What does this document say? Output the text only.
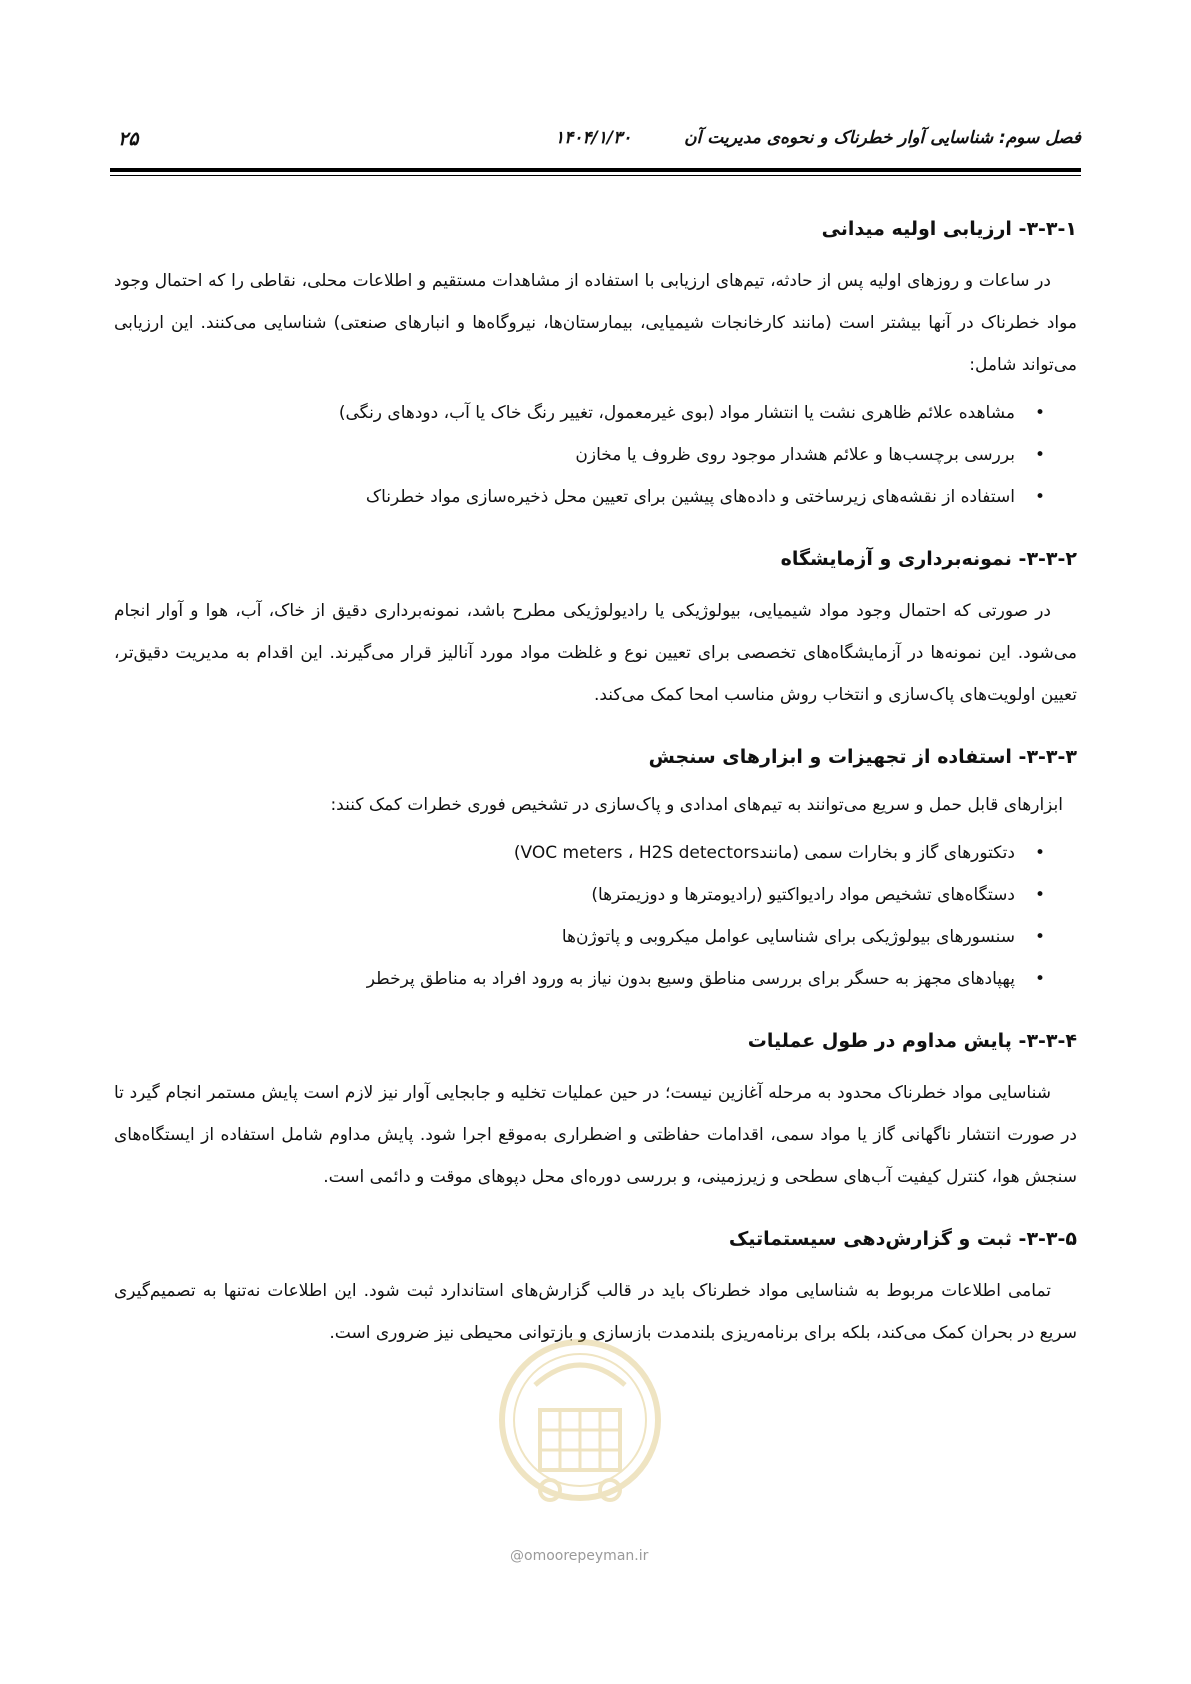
فصل سوم: شناسایی آوار خطرناک و نحوه‌ی مدیریت آن
۱۴۰۴/۱/۳۰
۲۵
۳-۳-۱- ارزیابی اولیه میدانی

در ساعات و روزهای اولیه پس از حادثه، تیم‌های ارزیابی با استفاده از مشاهدات مستقیم و اطلاعات محلی، نقاطی را که احتمال وجود مواد خطرناک در آنها بیشتر است (مانند کارخانجات شیمیایی، بیمارستان‌ها، نیروگاه‌ها و انبارهای صنعتی) شناسایی می‌کنند. این ارزیابی می‌تواند شامل:

•
مشاهده علائم ظاهری نشت یا انتشار مواد (بوی غیرمعمول، تغییر رنگ خاک یا آب، دودهای رنگی)
•
بررسی برچسب‌ها و علائم هشدار موجود روی ظروف یا مخازن
•
استفاده از نقشه‌های زیرساختی و داده‌های پیشین برای تعیین محل ذخیره‌سازی مواد خطرناک
۳-۳-۲- نمونه‌برداری و آزمایشگاه

در صورتی که احتمال وجود مواد شیمیایی، بیولوژیکی یا رادیولوژیکی مطرح باشد، نمونه‌برداری دقیق از خاک، آب، هوا و آوار انجام می‌شود. این نمونه‌ها در آزمایشگاه‌های تخصصی برای تعیین نوع و غلظت مواد مورد آنالیز قرار می‌گیرند. این اقدام به مدیریت دقیق‌تر، تعیین اولویت‌های پاک‌سازی و انتخاب روش مناسب امحا کمک می‌کند.

۳-۳-۳- استفاده از تجهیزات و ابزارهای سنجش

ابزارهای قابل حمل و سریع می‌توانند به تیم‌های امدادی و پاک‌سازی در تشخیص فوری خطرات کمک کنند:

•
دتکتورهای گاز و بخارات سمی (مانندVOC meters ، H2S detectors)
•
دستگاه‌های تشخیص مواد رادیواکتیو (رادیومترها و دوزیمترها)
•
سنسورهای بیولوژیکی برای شناسایی عوامل میکروبی و پاتوژن‌ها
•
پهپادهای مجهز به حسگر برای بررسی مناطق وسیع بدون نیاز به ورود افراد به مناطق پرخطر
۳-۳-۴- پایش مداوم در طول عملیات

شناسایی مواد خطرناک محدود به مرحله آغازین نیست؛ در حین عملیات تخلیه و جابجایی آوار نیز لازم است پایش مستمر انجام گیرد تا در صورت انتشار ناگهانی گاز یا مواد سمی، اقدامات حفاظتی و اضطراری به‌موقع اجرا شود. پایش مداوم شامل استفاده از ایستگاه‌های سنجش هوا، کنترل کیفیت آب‌های سطحی و زیرزمینی، و بررسی دوره‌ای محل دپوهای موقت و دائمی است.

۳-۳-۵- ثبت و گزارش‌دهی سیستماتیک

تمامی اطلاعات مربوط به شناسایی مواد خطرناک باید در قالب گزارش‌های استاندارد ثبت شود. این اطلاعات نه‌تنها به تصمیم‌گیری سریع در بحران کمک می‌کند، بلکه برای برنامه‌ریزی بلندمدت بازسازی و بازتوانی محیطی نیز ضروری است.

@omoorepeyman.ir
